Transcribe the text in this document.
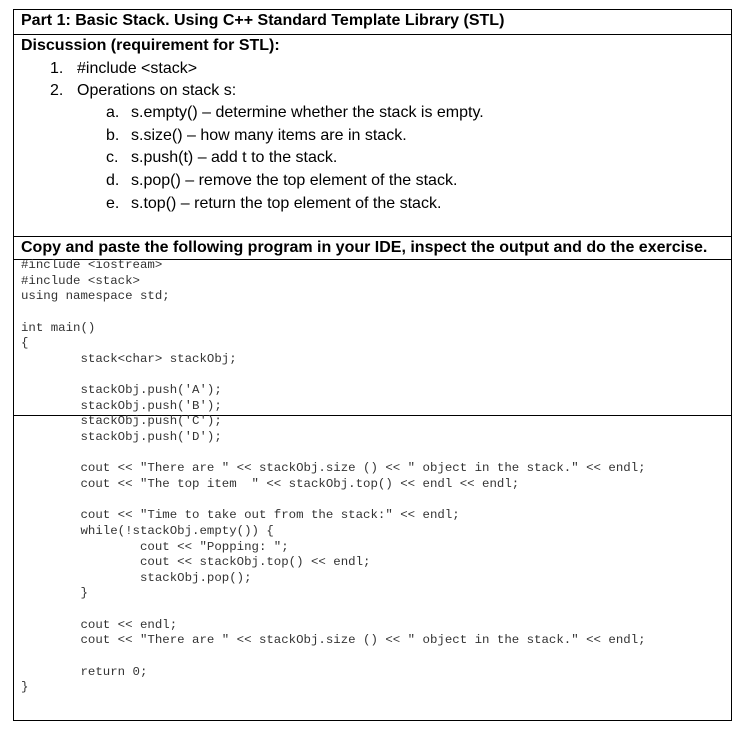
Part 1: Basic Stack. Using C++ Standard Template Library (STL)
Discussion (requirement for STL):
1. #include <stack>
2. Operations on stack s:
a. s.empty() – determine whether the stack is empty.
b. s.size() – how many items are in stack.
c. s.push(t) – add t to the stack.
d. s.pop() – remove the top element of the stack.
e. s.top() – return the top element of the stack.
Copy and paste the following program in your IDE, inspect the output and do the exercise.
#include <iostream>
#include <stack>
using namespace std;
int main()
{
stack<char> stackObj;
stackObj.push('A');
stackObj.push('B');
stackObj.push('C');
stackObj.push('D');
cout << "There are " << stackObj.size () << " object in the stack." << endl;
cout << "The top item  " << stackObj.top() << endl << endl;
cout << "Time to take out from the stack:" << endl;
while(!stackObj.empty()) {
cout << "Popping: ";
cout << stackObj.top() << endl;
stackObj.pop();
}
cout << endl;
cout << "There are " << stackObj.size () << " object in the stack." << endl;
return 0;
}
